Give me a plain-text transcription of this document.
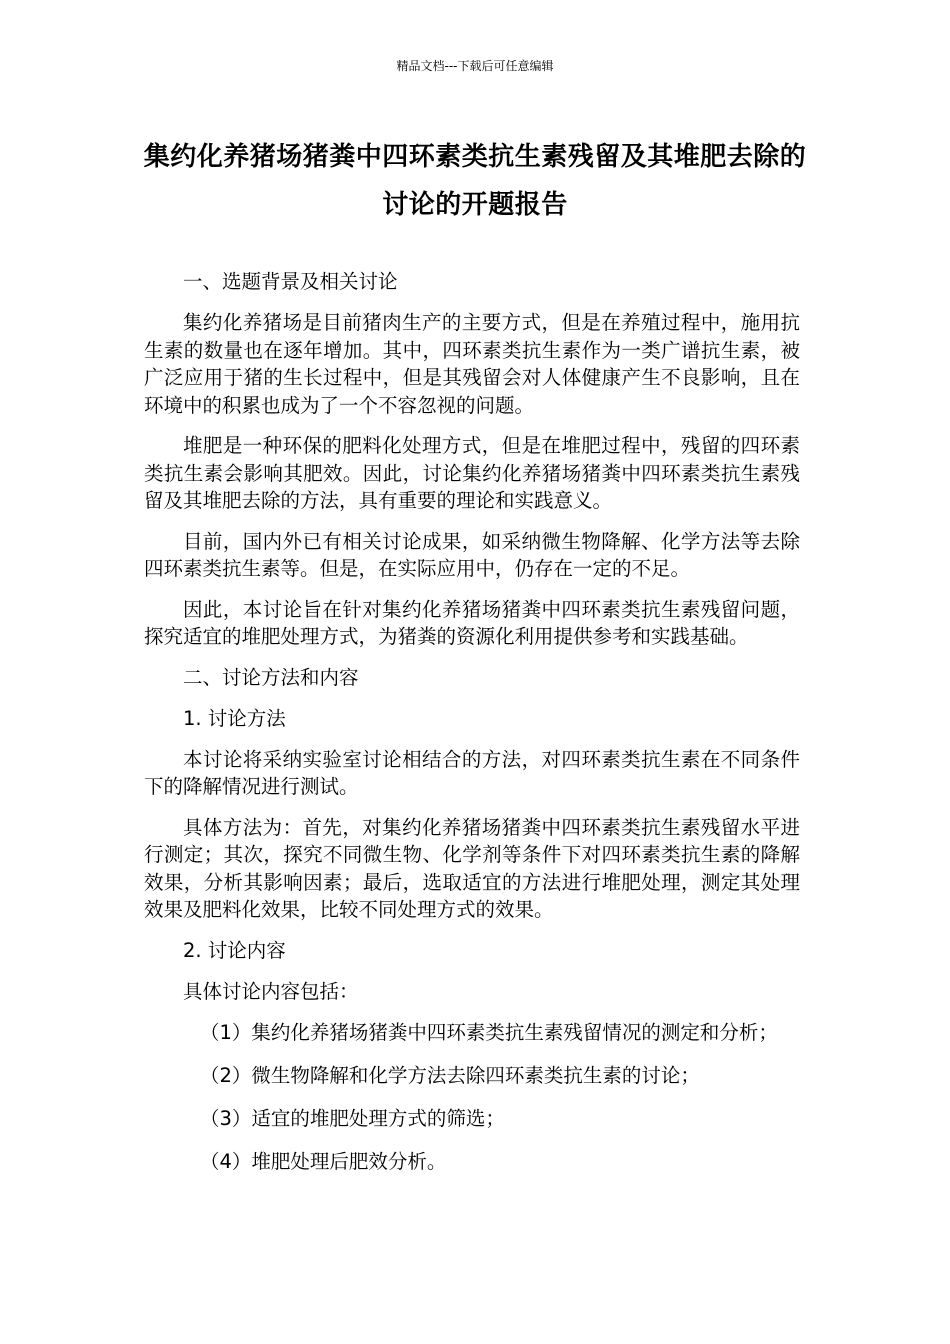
精品文档---下载后可任意编辑
集约化养猪场猪粪中四环素类抗生素残留及其堆肥去除的讨论的开题报告

一、选题背景及相关讨论

集约化养猪场是目前猪肉生产的主要方式，但是在养殖过程中，施用抗生素的数量也在逐年增加。其中，四环素类抗生素作为一类广谱抗生素，被广泛应用于猪的生长过程中，但是其残留会对人体健康产生不良影响，且在环境中的积累也成为了一个不容忽视的问题。

堆肥是一种环保的肥料化处理方式，但是在堆肥过程中，残留的四环素类抗生素会影响其肥效。因此，讨论集约化养猪场猪粪中四环素类抗生素残留及其堆肥去除的方法，具有重要的理论和实践意义。

目前，国内外已有相关讨论成果，如采纳微生物降解、化学方法等去除四环素类抗生素等。但是，在实际应用中，仍存在一定的不足。

因此，本讨论旨在针对集约化养猪场猪粪中四环素类抗生素残留问题，探究适宜的堆肥处理方式，为猪粪的资源化利用提供参考和实践基础。

二、讨论方法和内容

1. 讨论方法

本讨论将采纳实验室讨论相结合的方法，对四环素类抗生素在不同条件下的降解情况进行测试。

具体方法为：首先，对集约化养猪场猪粪中四环素类抗生素残留水平进行测定；其次，探究不同微生物、化学剂等条件下对四环素类抗生素的降解效果，分析其影响因素；最后，选取适宜的方法进行堆肥处理，测定其处理效果及肥料化效果，比较不同处理方式的效果。

2. 讨论内容

具体讨论内容包括：

（1）集约化养猪场猪粪中四环素类抗生素残留情况的测定和分析；

（2）微生物降解和化学方法去除四环素类抗生素的讨论；

（3）适宜的堆肥处理方式的筛选；

（4）堆肥处理后肥效分析。
